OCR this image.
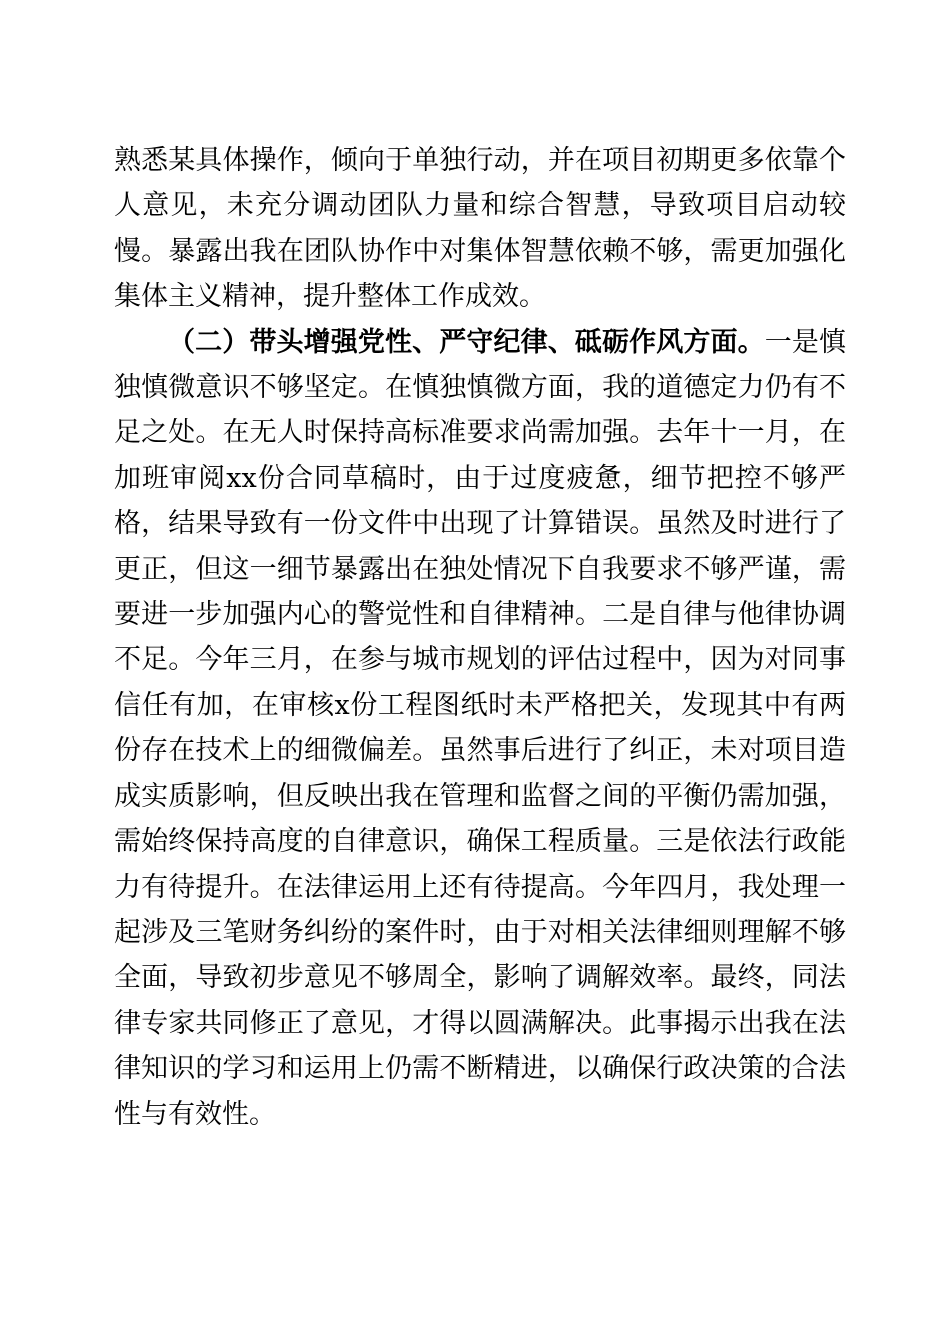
熟悉某具体操作，倾向于单独行动，并在项目初期更多依靠个人意见，未充分调动团队力量和综合智慧，导致项目启动较慢。暴露出我在团队协作中对集体智慧依赖不够，需更加强化集体主义精神，提升整体工作成效。

（二）带头增强党性、严守纪律、砥砺作风方面。一是慎独慎微意识不够坚定。在慎独慎微方面，我的道德定力仍有不足之处。在无人时保持高标准要求尚需加强。去年十一月，在加班审阅xx份合同草稿时，由于过度疲惫，细节把控不够严格，结果导致有一份文件中出现了计算错误。虽然及时进行了更正，但这一细节暴露出在独处情况下自我要求不够严谨，需要进一步加强内心的警觉性和自律精神。二是自律与他律协调不足。今年三月，在参与城市规划的评估过程中，因为对同事信任有加，在审核x份工程图纸时未严格把关，发现其中有两份存在技术上的细微偏差。虽然事后进行了纠正，未对项目造成实质影响，但反映出我在管理和监督之间的平衡仍需加强，需始终保持高度的自律意识，确保工程质量。三是依法行政能力有待提升。在法律运用上还有待提高。今年四月，我处理一起涉及三笔财务纠纷的案件时，由于对相关法律细则理解不够全面，导致初步意见不够周全，影响了调解效率。最终，同法律专家共同修正了意见，才得以圆满解决。此事揭示出我在法律知识的学习和运用上仍需不断精进，以确保行政决策的合法性与有效性。
